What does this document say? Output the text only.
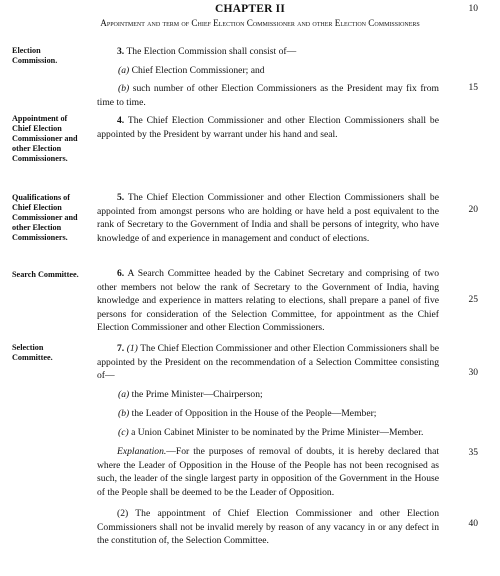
CHAPTER II
Appointment and term of Chief Election Commissioner and other Election Commissioners
10
15
20
25
30
35
40
Election Commission.
Appointment of Chief Election Commissioner and other Election Commissioners.
Qualifications of Chief Election Commissioner and other Election Commissioners.
Search Committee.
Selection Committee.
3. The Election Commission shall consist of—
(a) Chief Election Commissioner; and
(b) such number of other Election Commissioners as the President may fix from time to time.
4. The Chief Election Commissioner and other Election Commissioners shall be appointed by the President by warrant under his hand and seal.
5. The Chief Election Commissioner and other Election Commissioners shall be appointed from amongst persons who are holding or have held a post equivalent to the rank of Secretary to the Government of India and shall be persons of integrity, who have knowledge of and experience in management and conduct of elections.
6. A Search Committee headed by the Cabinet Secretary and comprising of two other members not below the rank of Secretary to the Government of India, having knowledge and experience in matters relating to elections, shall prepare a panel of five persons for consideration of the Selection Committee, for appointment as the Chief Election Commissioner and other Election Commissioners.
7. (1) The Chief Election Commissioner and other Election Commissioners shall be appointed by the President on the recommendation of a Selection Committee consisting of—
(a) the Prime Minister—Chairperson;
(b) the Leader of Opposition in the House of the People—Member;
(c) a Union Cabinet Minister to be nominated by the Prime Minister—Member.
Explanation.—For the purposes of removal of doubts, it is hereby declared that where the Leader of Opposition in the House of the People has not been recognised as such, the leader of the single largest party in opposition of the Government in the House of the People shall be deemed to be the Leader of Opposition.
(2) The appointment of Chief Election Commissioner and other Election Commissioners shall not be invalid merely by reason of any vacancy in or any defect in the constitution of, the Selection Committee.
